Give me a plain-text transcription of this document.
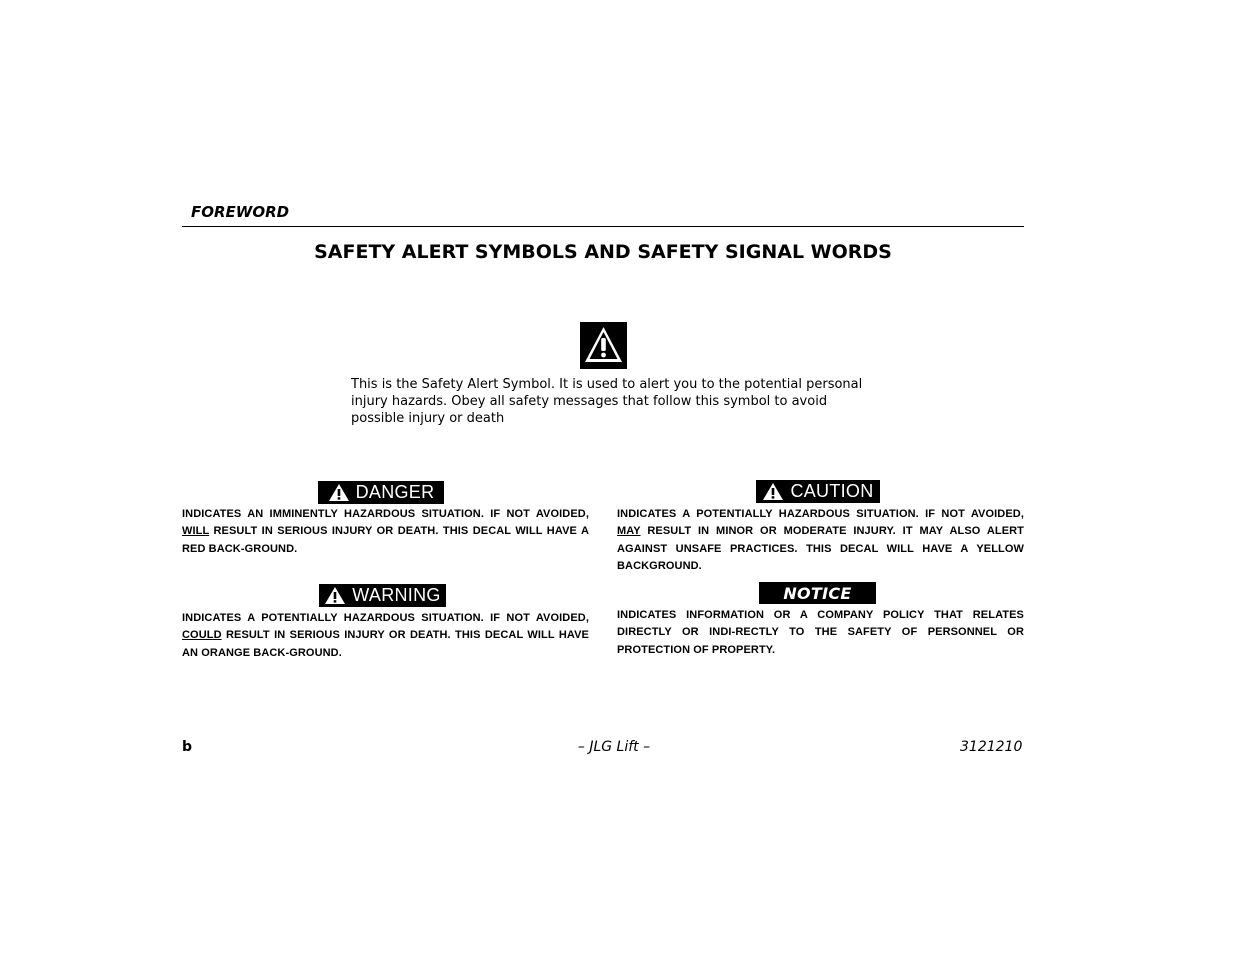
FOREWORD
SAFETY ALERT SYMBOLS AND SAFETY SIGNAL WORDS
This is the Safety Alert Symbol. It is used to alert you to the potential personal injury hazards. Obey all safety messages that follow this symbol to avoid possible injury or death
DANGER
INDICATES AN IMMINENTLY HAZARDOUS SITUATION. IF NOT AVOIDED, WILL RESULT IN SERIOUS INJURY OR DEATH. THIS DECAL WILL HAVE A RED BACK-GROUND.
CAUTION
INDICATES A POTENTIALLY HAZARDOUS SITUATION. IF NOT AVOIDED, MAY RESULT IN MINOR OR MODERATE INJURY. IT MAY ALSO ALERT AGAINST UNSAFE PRACTICES. THIS DECAL WILL HAVE A YELLOW BACKGROUND.
WARNING
INDICATES A POTENTIALLY HAZARDOUS SITUATION. IF NOT AVOIDED, COULD RESULT IN SERIOUS INJURY OR DEATH. THIS DECAL WILL HAVE AN ORANGE BACK-GROUND.
NOTICE
INDICATES INFORMATION OR A COMPANY POLICY THAT RELATES DIRECTLY OR INDI-RECTLY TO THE SAFETY OF PERSONNEL OR PROTECTION OF PROPERTY.
b	– JLG Lift –	3121210
